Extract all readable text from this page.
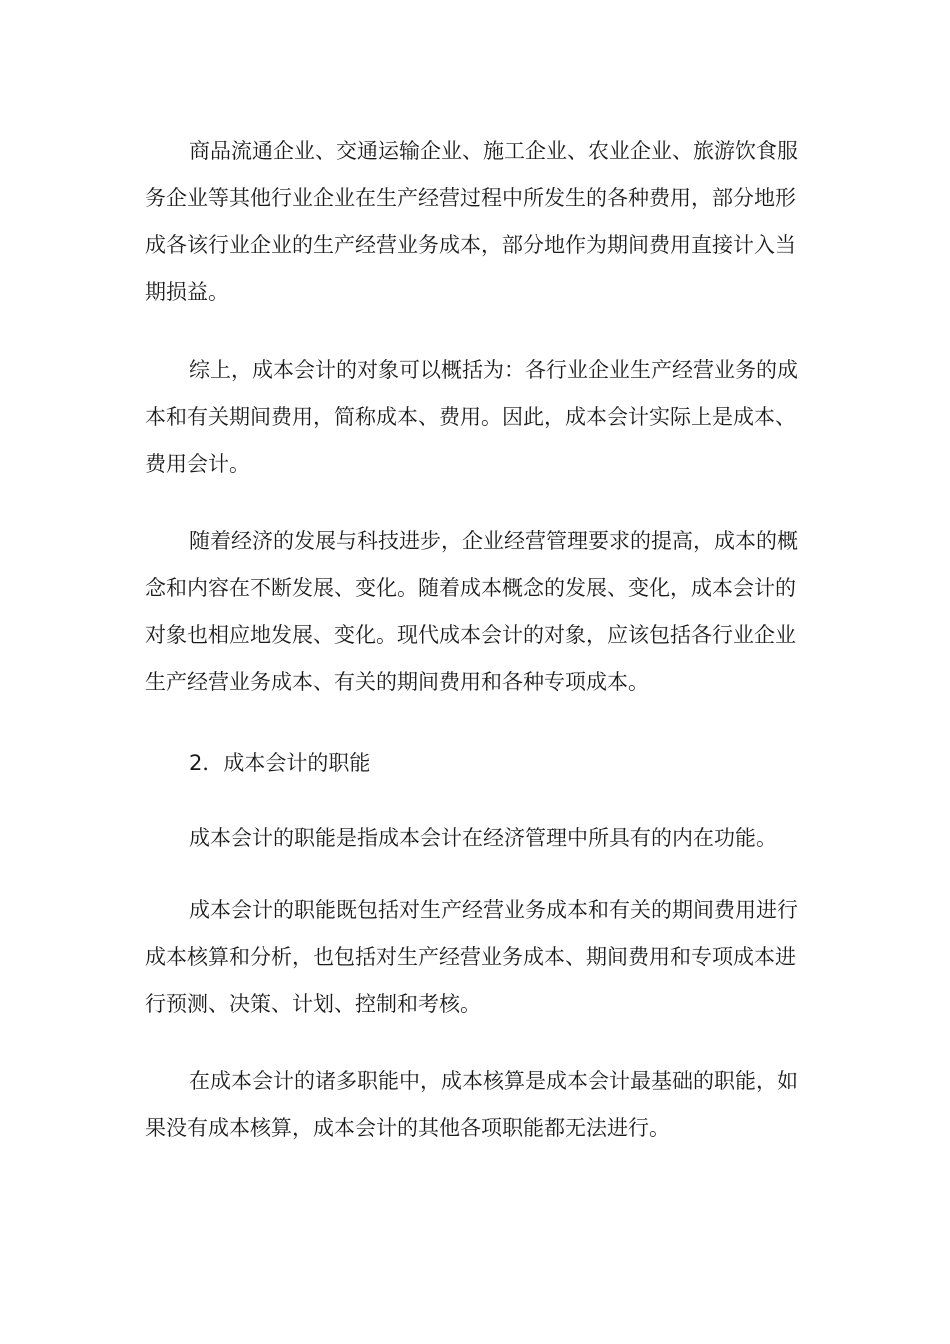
商品流通企业、交通运输企业、施工企业、农业企业、旅游饮食服务企业等其他行业企业在生产经营过程中所发生的各种费用，部分地形成各该行业企业的生产经营业务成本，部分地作为期间费用直接计入当期损益。

综上，成本会计的对象可以概括为：各行业企业生产经营业务的成本和有关期间费用，简称成本、费用。因此，成本会计实际上是成本、费用会计。

随着经济的发展与科技进步，企业经营管理要求的提高，成本的概念和内容在不断发展、变化。随着成本概念的发展、变化，成本会计的对象也相应地发展、变化。现代成本会计的对象，应该包括各行业企业生产经营业务成本、有关的期间费用和各种专项成本。

2．成本会计的职能

成本会计的职能是指成本会计在经济管理中所具有的内在功能。

成本会计的职能既包括对生产经营业务成本和有关的期间费用进行成本核算和分析，也包括对生产经营业务成本、期间费用和专项成本进行预测、决策、计划、控制和考核。

在成本会计的诸多职能中，成本核算是成本会计最基础的职能，如果没有成本核算，成本会计的其他各项职能都无法进行。
